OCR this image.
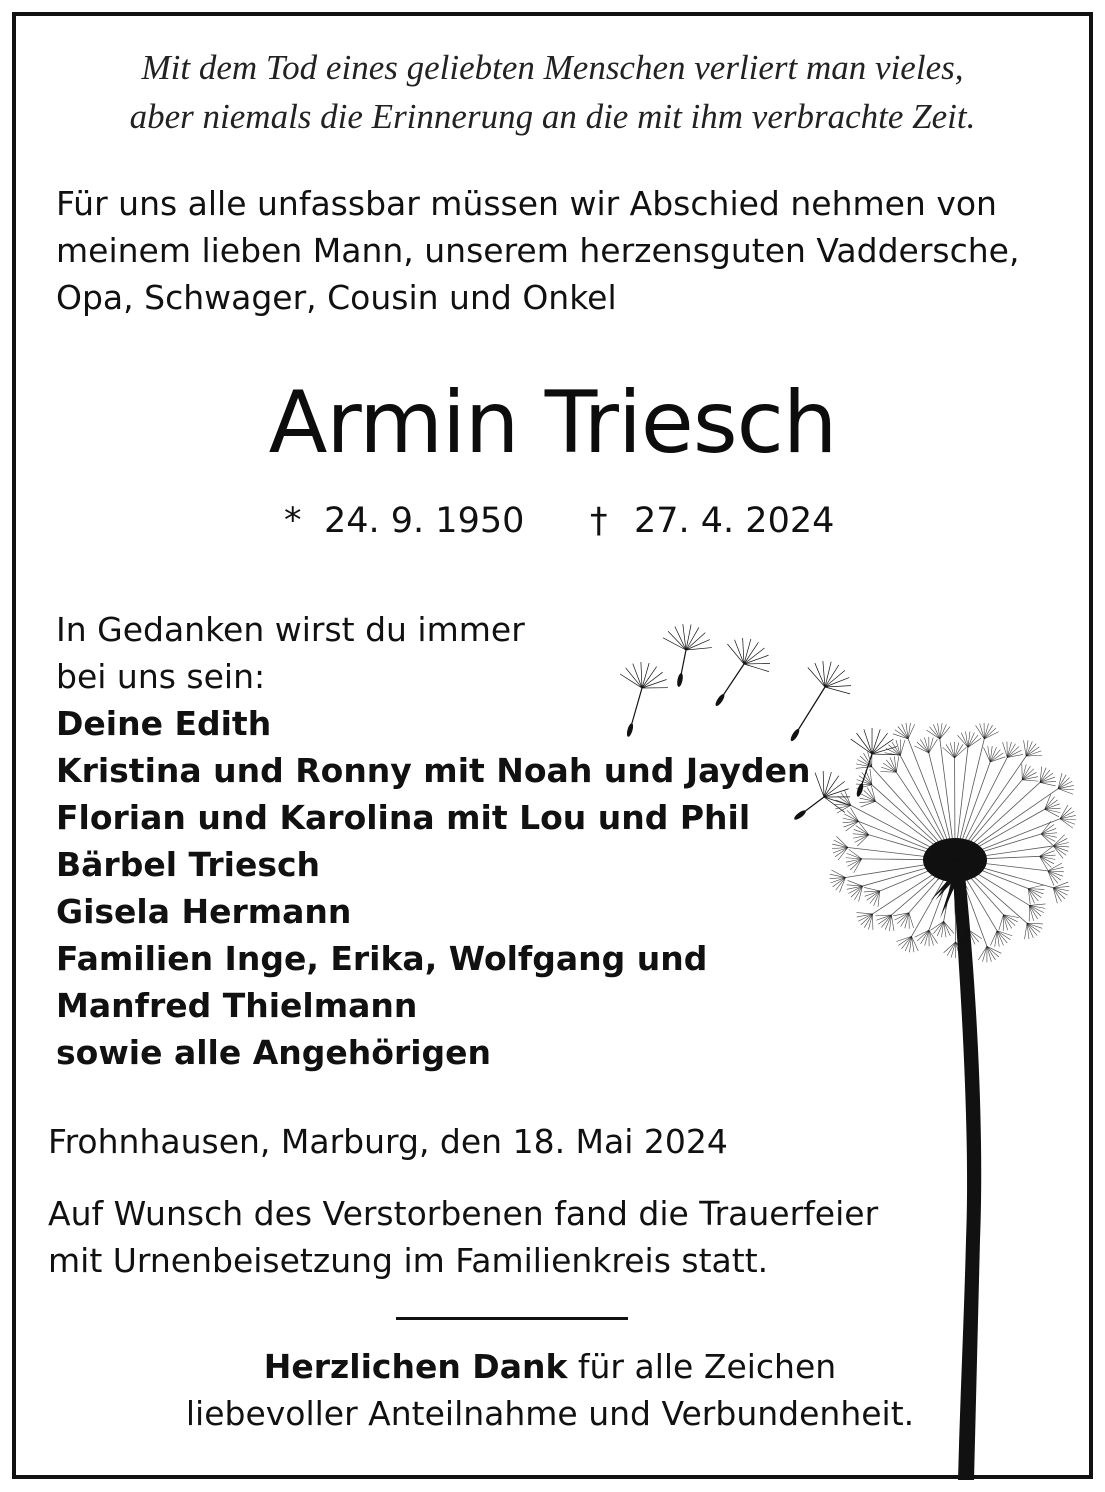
Mit dem Tod eines geliebten Menschen verliert man vieles,
aber niemals die Erinnerung an die mit ihm verbrachte Zeit.
Für uns alle unfassbar müssen wir Abschied nehmen von
meinem lieben Mann, unserem herzensguten Vaddersche,
Opa, Schwager, Cousin und Onkel
Armin Triesch
* 24. 9. 1950 † 27. 4. 2024
In Gedanken wirst du immer
bei uns sein:
Deine Edith
Kristina und Ronny mit Noah und Jayden
Florian und Karolina mit Lou und Phil
Bärbel Triesch
Gisela Hermann
Familien Inge, Erika, Wolfgang und
Manfred Thielmann
sowie alle Angehörigen
Frohnhausen, Marburg, den 18. Mai 2024
Auf Wunsch des Verstorbenen fand die Trauerfeier
mit Urnenbeisetzung im Familienkreis statt.
Herzlichen Dank für alle Zeichen
liebevoller Anteilnahme und Verbundenheit.
